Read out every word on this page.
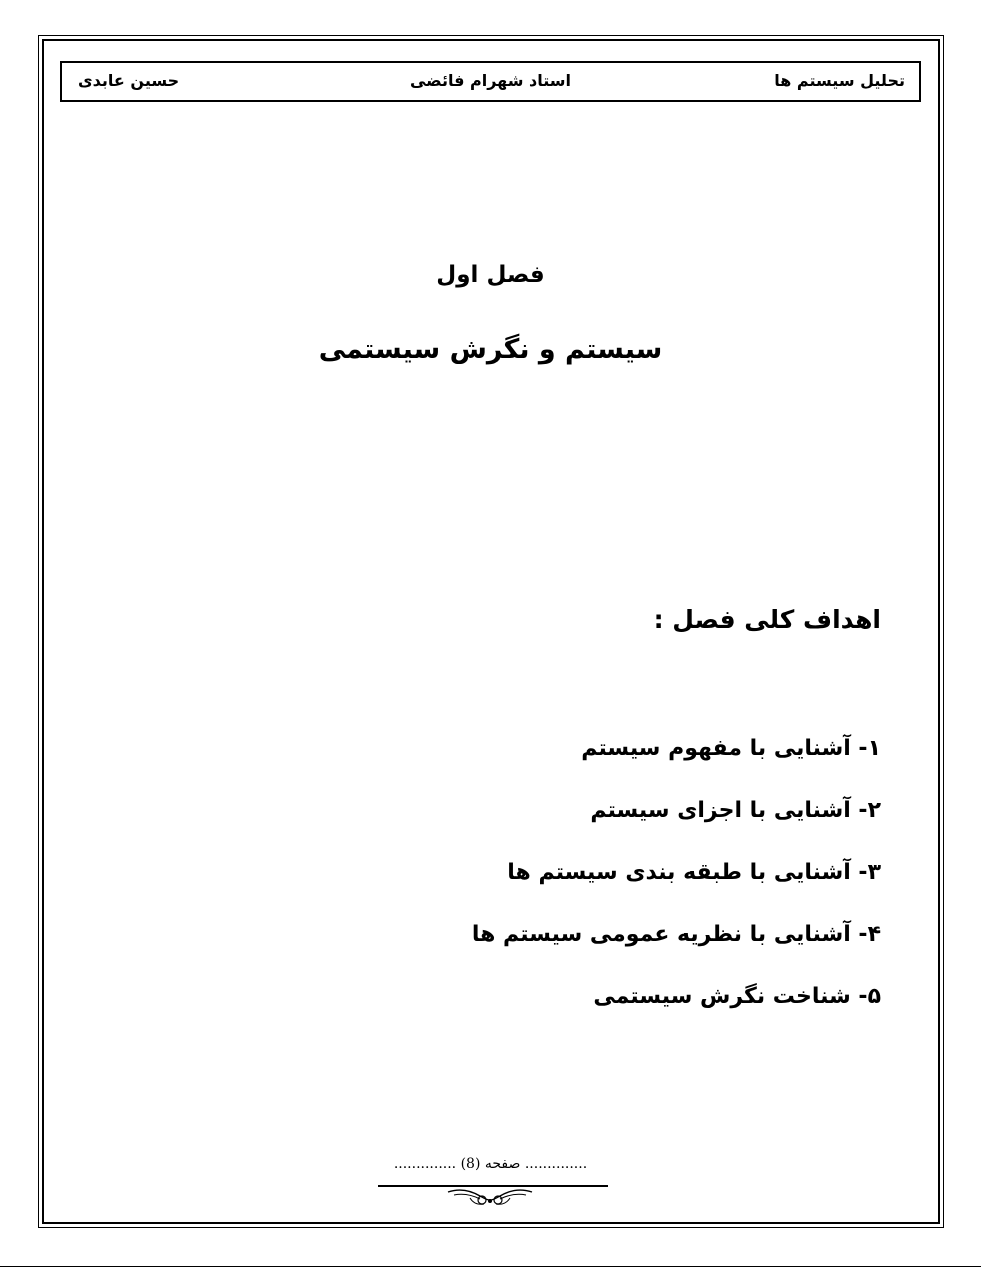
تحلیل سیستم ها
استاد شهرام فائضی
حسین عابدی
فصل اول
سیستم و نگرش سیستمی
اهداف کلی فصل :
۱- آشنایی با مفهوم سیستم
۲- آشنایی با اجزای سیستم
۳- آشنایی با طبقه بندی سیستم ها
۴- آشنایی با نظریه عمومی سیستم ها
۵- شناخت نگرش سیستمی
.............. صفحه (8) ..............
